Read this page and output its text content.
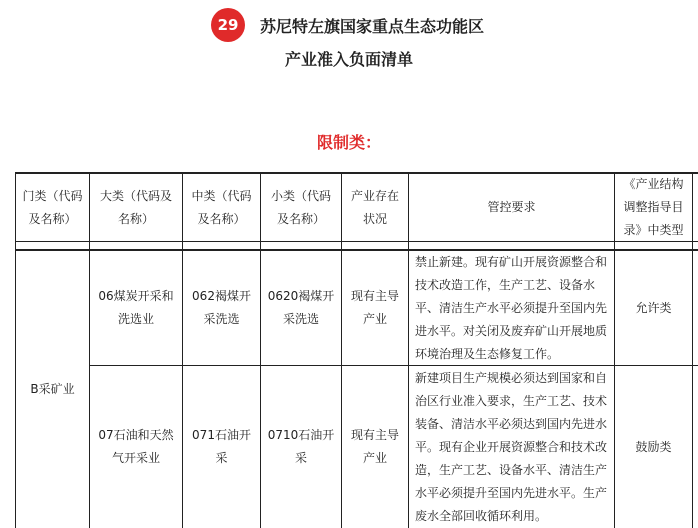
29	苏尼特左旗国家重点生态功能区
产业准入负面清单
限制类：
门类（代码及名称）
大类（代码及名称）
中类（代码及名称）
小类（代码及名称）
产业存在状况
管控要求
《产业结构调整指导目录》中类型
B采矿业
06煤炭开采和洗选业
062褐煤开采洗选
0620褐煤开采洗选
现有主导产业
禁止新建。现有矿山开展资源整合和技术改造工作，生产工艺、设备水平、清洁生产水平必须提升至国内先进水平。对关闭及废弃矿山开展地质环境治理及生态修复工作。
允许类
07石油和天然气开采业
071石油开采
0710石油开采
现有主导产业
新建项目生产规模必须达到国家和自治区行业准入要求，生产工艺、技术装备、清洁水平必须达到国内先进水平。现有企业开展资源整合和技术改造，生产工艺、设备水平、清洁生产水平必须提升至国内先进水平。生产废水全部回收循环利用。
鼓励类
